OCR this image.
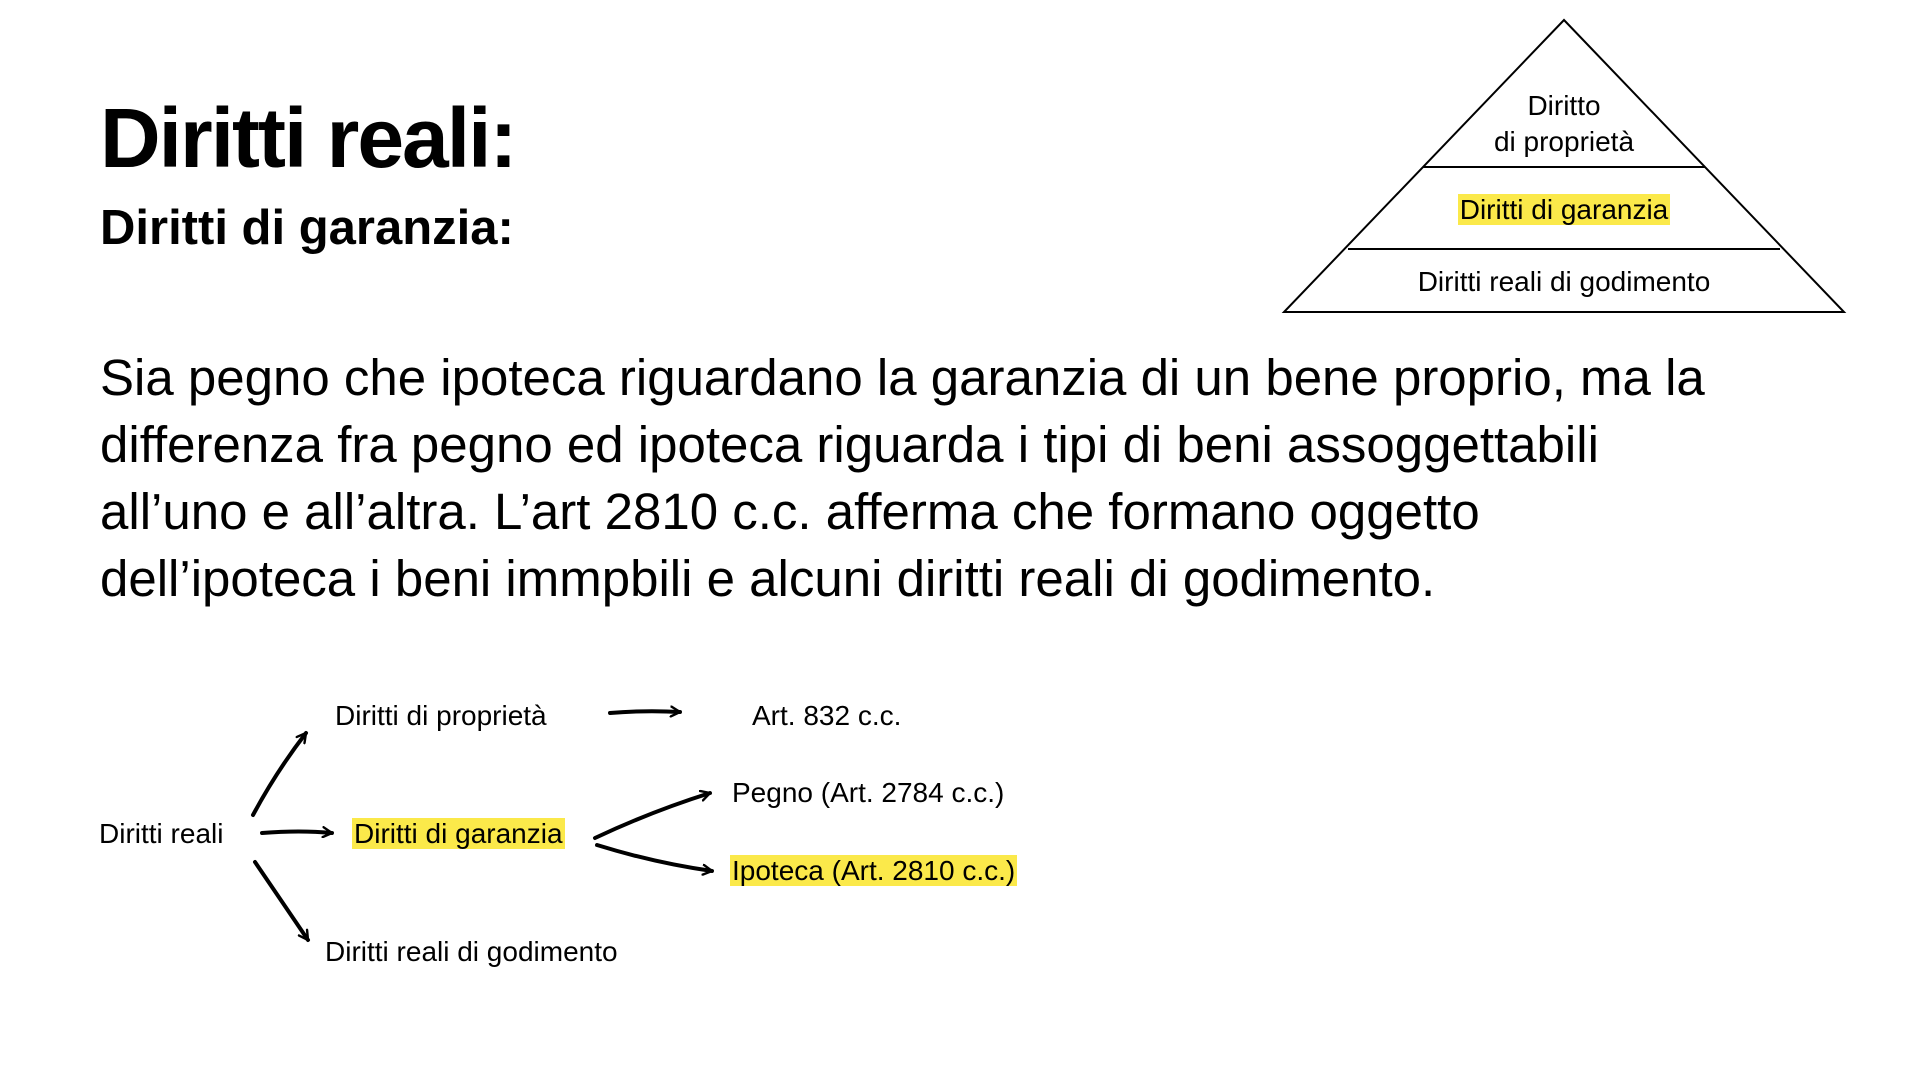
Diritti reali:
Diritti di garanzia:

Sia pegno che ipoteca riguardano la garanzia di un bene proprio, ma la
differenza fra pegno ed ipoteca riguarda i tipi di beni assoggettabili
all’uno e all’altra. L’art 2810 c.c. afferma che formano oggetto
dell’ipoteca i beni immpbili e alcuni diritti reali di godimento.

Diritto
di proprietà
Diritti di garanzia
Diritti reali di godimento
Diritti reali
Diritti di proprietà	Art. 832 c.c.
Diritti di garanzia
Pegno (Art. 2784 c.c.)
Ipoteca (Art. 2810 c.c.)
Diritti reali di godimento
